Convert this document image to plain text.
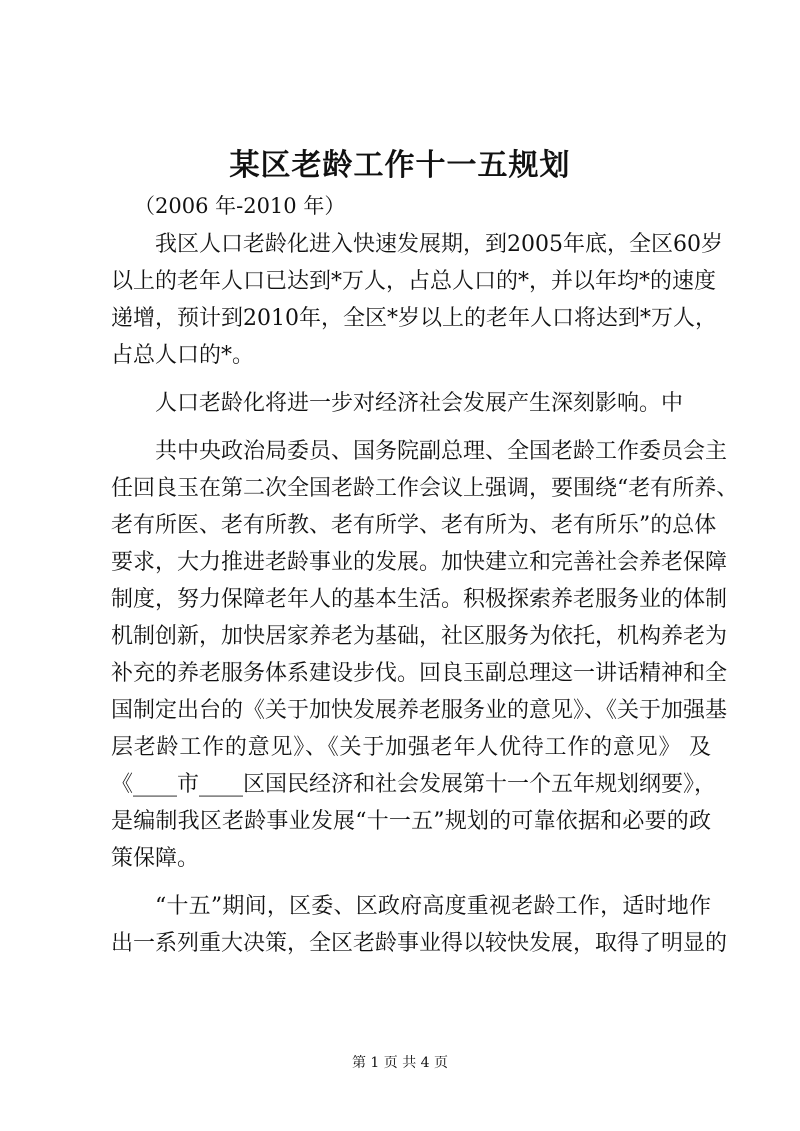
某区老龄工作十一五规划
（2006 年-2010 年）
我区人口老龄化进入快速发展期，到2005年底，全区60岁
以上的老年人口已达到*万人，占总人口的*，并以年均*的速度
递增，预计到2010年，全区*岁以上的老年人口将达到*万人，
占总人口的*。
人口老龄化将进一步对经济社会发展产生深刻影响。中
共中央政治局委员、国务院副总理、全国老龄工作委员会主
任回良玉在第二次全国老龄工作会议上强调，要围绕“老有所养、
老有所医、老有所教、老有所学、老有所为、老有所乐”的总体
要求，大力推进老龄事业的发展。加快建立和完善社会养老保障
制度，努力保障老年人的基本生活。积极探索养老服务业的体制
机制创新，加快居家养老为基础，社区服务为依托，机构养老为
补充的养老服务体系建设步伐。回良玉副总理这一讲话精神和全
国制定出台的《关于加快发展养老服务业的意见》、《关于加强基
层老龄工作的意见》、《关于加强老年人优待工作的意见》 及
《____市____区国民经济和社会发展第十一个五年规划纲要》，
是编制我区老龄事业发展“十一五”规划的可靠依据和必要的政
策保障。
“十五”期间，区委、区政府高度重视老龄工作，适时地作
出一系列重大决策，全区老龄事业得以较快发展，取得了明显的
第 1 页 共 4 页
